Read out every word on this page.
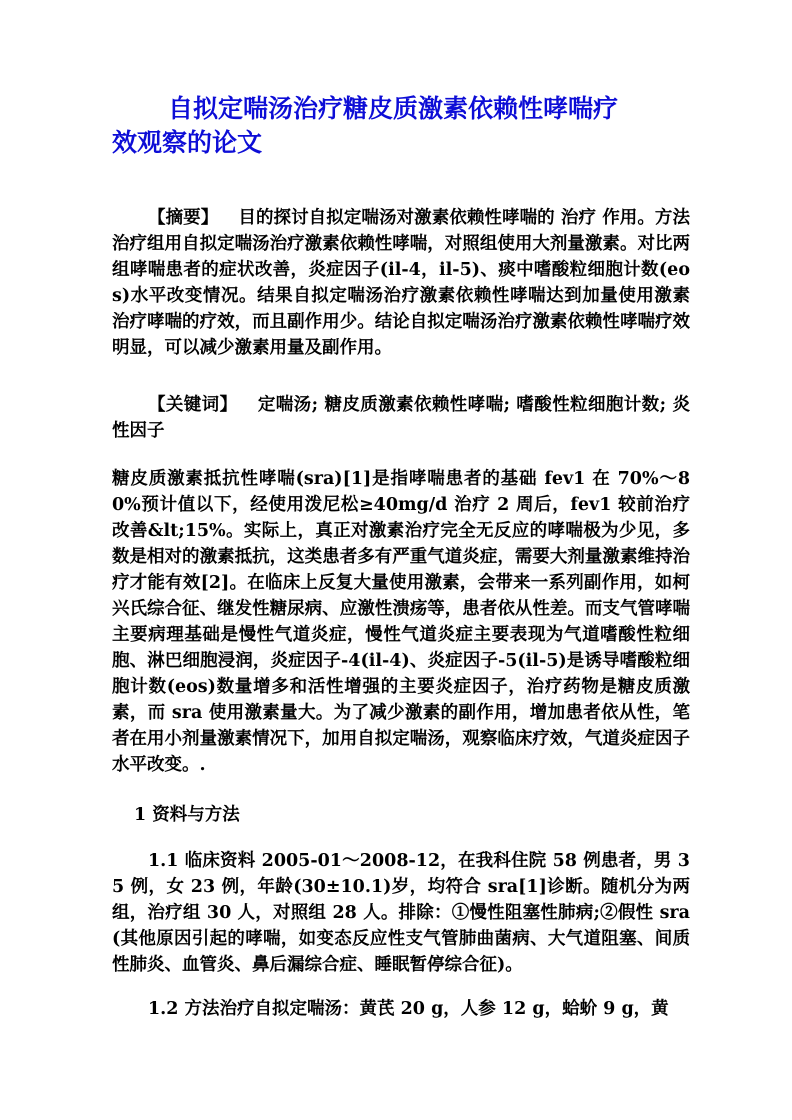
自拟定喘汤治疗糖皮质激素依赖性哮喘疗
效观察的论文

【摘要】 目的探讨自拟定喘汤对激素依赖性哮喘的 治疗 作用。方法治疗组用自拟定喘汤治疗激素依赖性哮喘，对照组使用大剂量激素。对比两组哮喘患者的症状改善，炎症因子(il-4，il-5)、痰中嗜酸粒细胞计数(eos)水平改变情况。结果自拟定喘汤治疗激素依赖性哮喘达到加量使用激素治疗哮喘的疗效，而且副作用少。结论自拟定喘汤治疗激素依赖性哮喘疗效明显，可以减少激素用量及副作用。

【关键词】 定喘汤; 糖皮质激素依赖性哮喘; 嗜酸性粒细胞计数; 炎性因子

糖皮质激素抵抗性哮喘(sra)[1]是指哮喘患者的基础 fev1 在 70%～80%预计值以下，经使用泼尼松≥40mg/d 治疗 2 周后，fev1 较前治疗改善&lt;15%。实际上，真正对激素治疗完全无反应的哮喘极为少见，多数是相对的激素抵抗，这类患者多有严重气道炎症，需要大剂量激素维持治疗才能有效[2]。在临床上反复大量使用激素，会带来一系列副作用，如柯兴氏综合征、继发性糖尿病、应激性溃疡等，患者依从性差。而支气管哮喘主要病理基础是慢性气道炎症，慢性气道炎症主要表现为气道嗜酸性粒细胞、淋巴细胞浸润，炎症因子-4(il-4)、炎症因子-5(il-5)是诱导嗜酸粒细胞计数(eos)数量增多和活性增强的主要炎症因子，治疗药物是糖皮质激素，而 sra 使用激素量大。为了减少激素的副作用，增加患者依从性，笔者在用小剂量激素情况下，加用自拟定喘汤，观察临床疗效，气道炎症因子水平改变。.

1 资料与方法

1.1 临床资料 2005-01～2008-12，在我科住院 58 例患者，男 35 例，女 23 例，年龄(30±10.1)岁，均符合 sra[1]诊断。随机分为两组，治疗组 30 人，对照组 28 人。排除：①慢性阻塞性肺病;②假性 sra(其他原因引起的哮喘，如变态反应性支气管肺曲菌病、大气道阻塞、间质性肺炎、血管炎、鼻后漏综合症、睡眠暂停综合征)。

1.2 方法治疗自拟定喘汤：黄芪 20 g，人参 12 g，蛤蚧 9 g，黄
